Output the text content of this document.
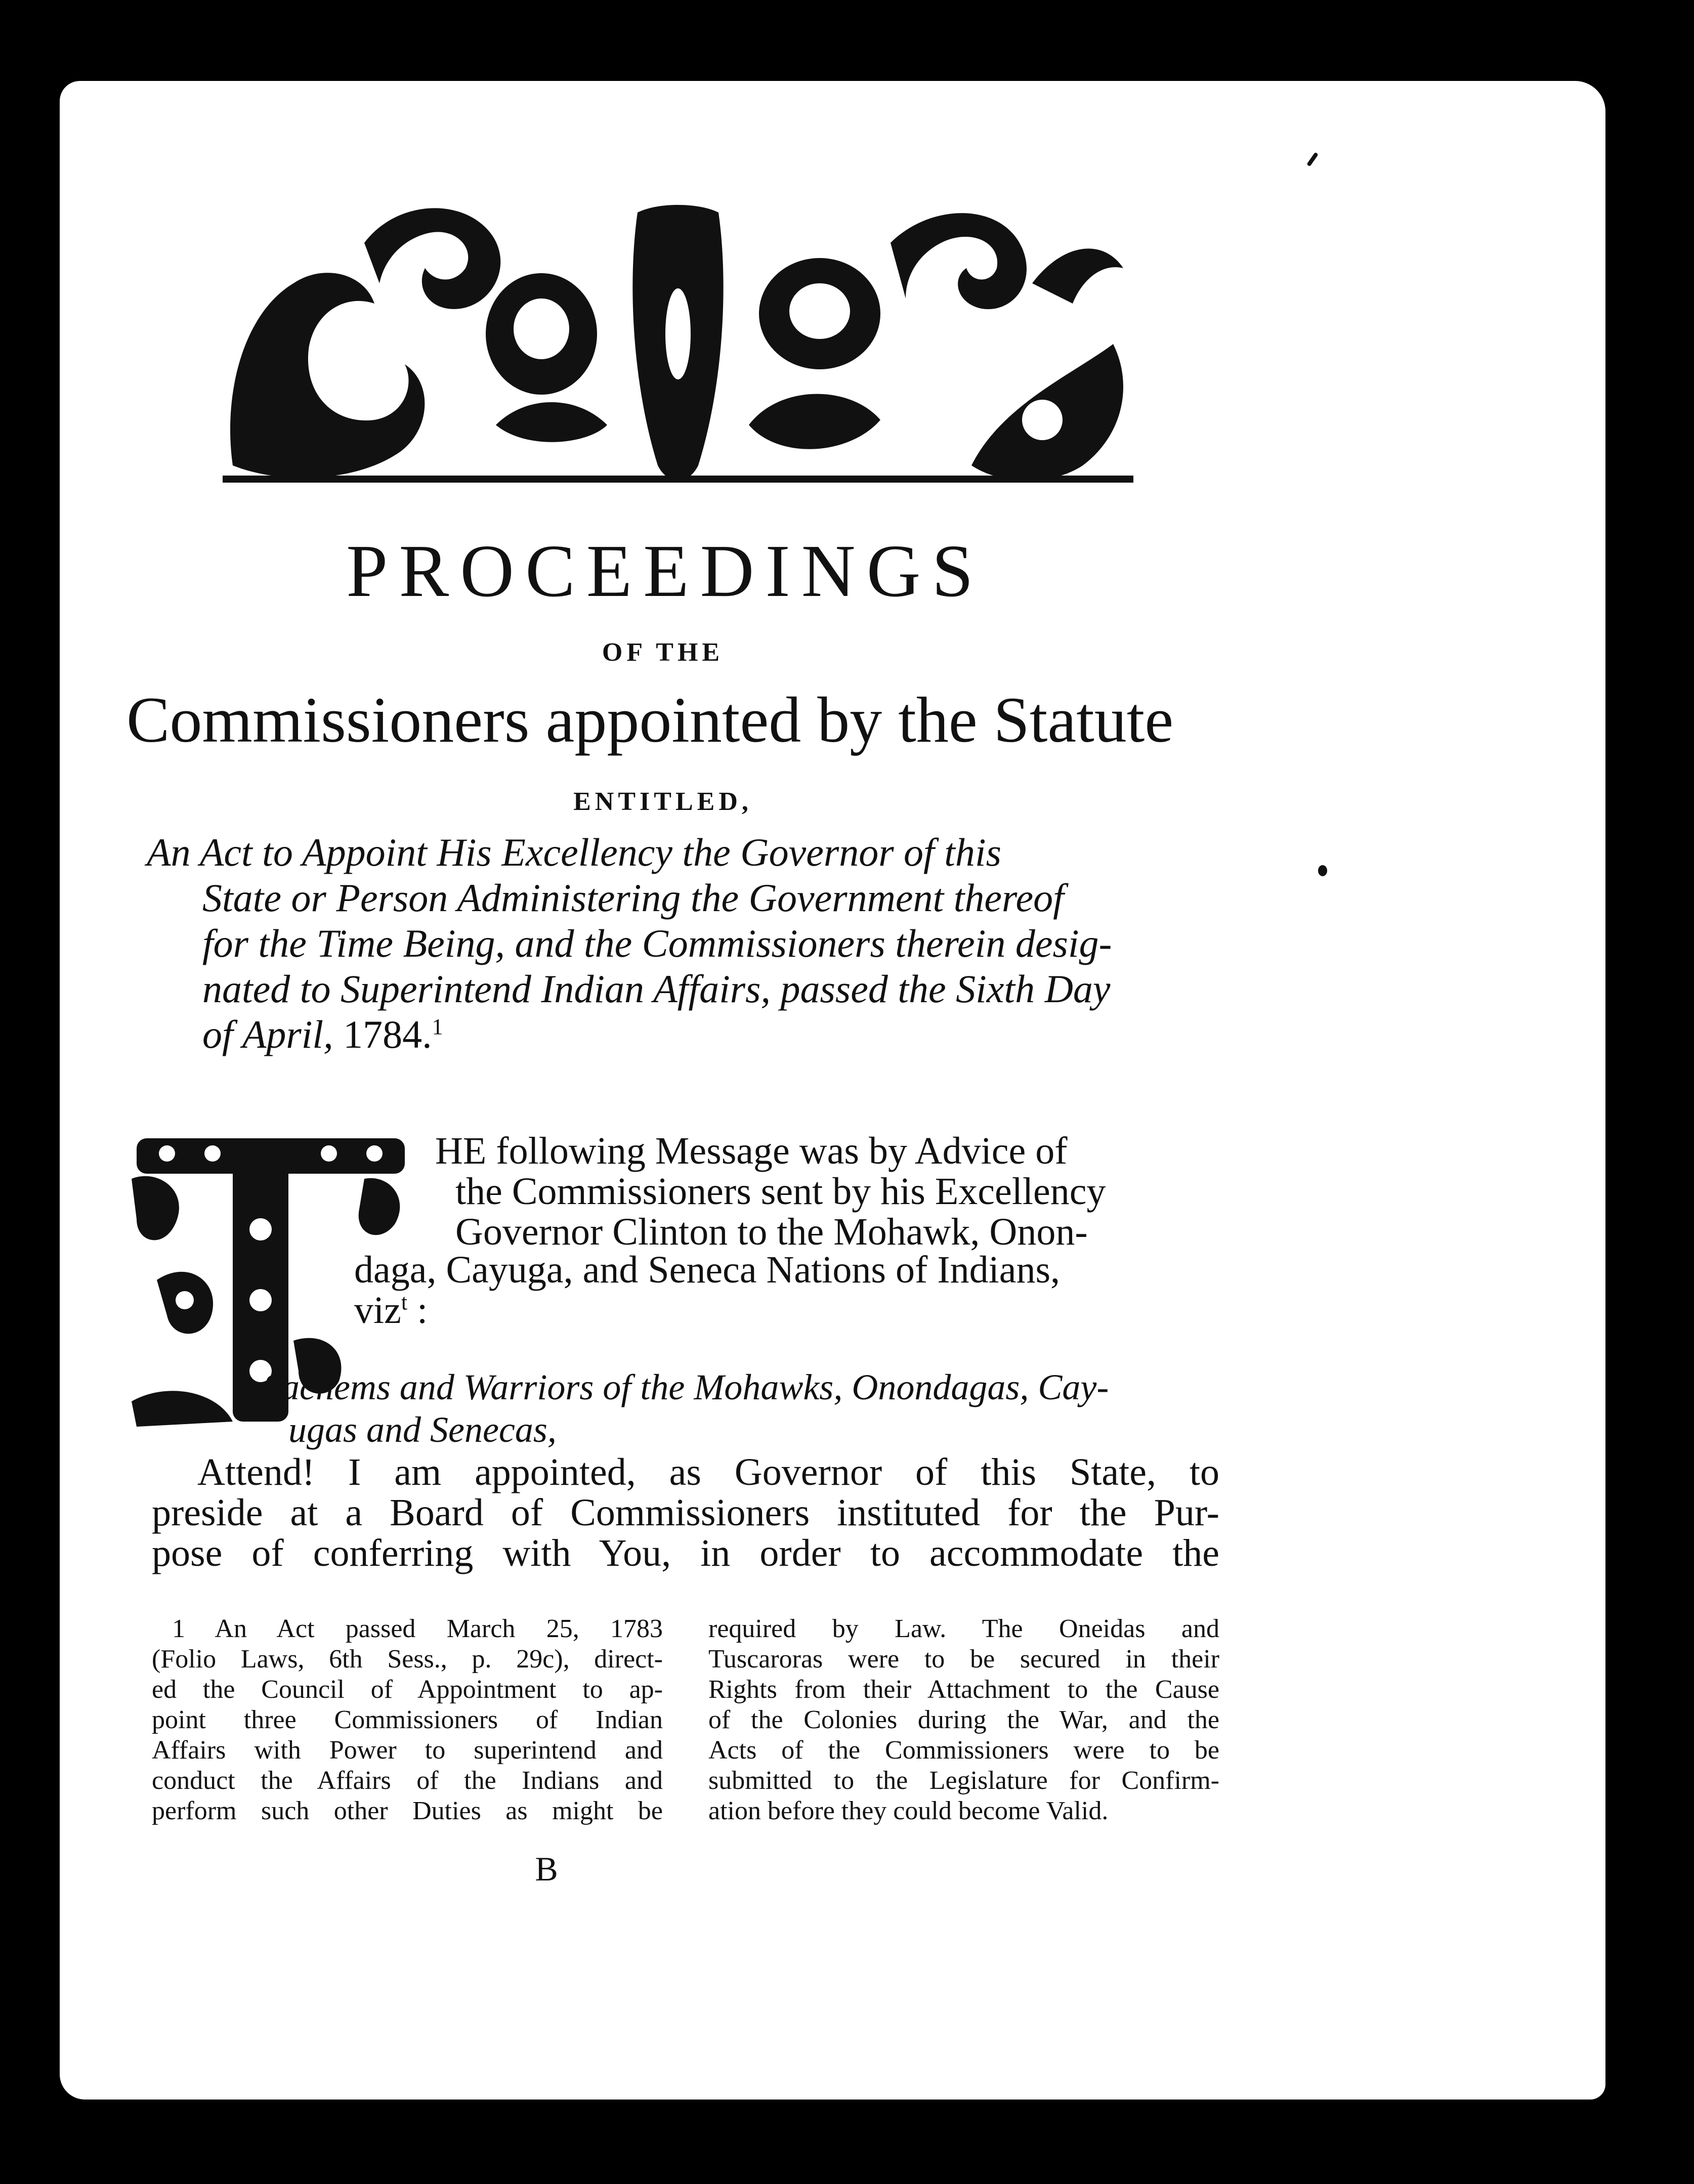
PROCEEDINGS
OF THE
Commissioners appointed by the Statute
ENTITLED,
An Act to Appoint His Excellency the Governor of this
State or Person Administering the Government thereof
for the Time Being, and the Commissioners therein desig-
nated to Superintend Indian Affairs, passed the Sixth Day
of April, 1784.$^1$
HE following Message was by Advice of
the Commissioners sent by his Excellency
Governor Clinton to the Mohawk, Onon-
daga, Cayuga, and Seneca Nations of Indians,
viz$^t$ :
Sachems and Warriors of the Mohawks, Onondagas, Cay-
ugas and Senecas,
Attend! I am appointed, as Governor of this State, to
preside at a Board of Commissioners instituted for the Pur-
pose of conferring with You, in order to accommodate the
1 An Act passed March 25, 1783
(Folio Laws, 6th Sess., p. 29c), direct-
ed the Council of Appointment to ap-
point three Commissioners of Indian
Affairs with Power to superintend and
conduct the Affairs of the Indians and
perform such other Duties as might be
required by Law. The Oneidas and
Tuscaroras were to be secured in their
Rights from their Attachment to the Cause
of the Colonies during the War, and the
Acts of the Commissioners were to be
submitted to the Legislature for Confirm-
ation before they could become Valid.
B
